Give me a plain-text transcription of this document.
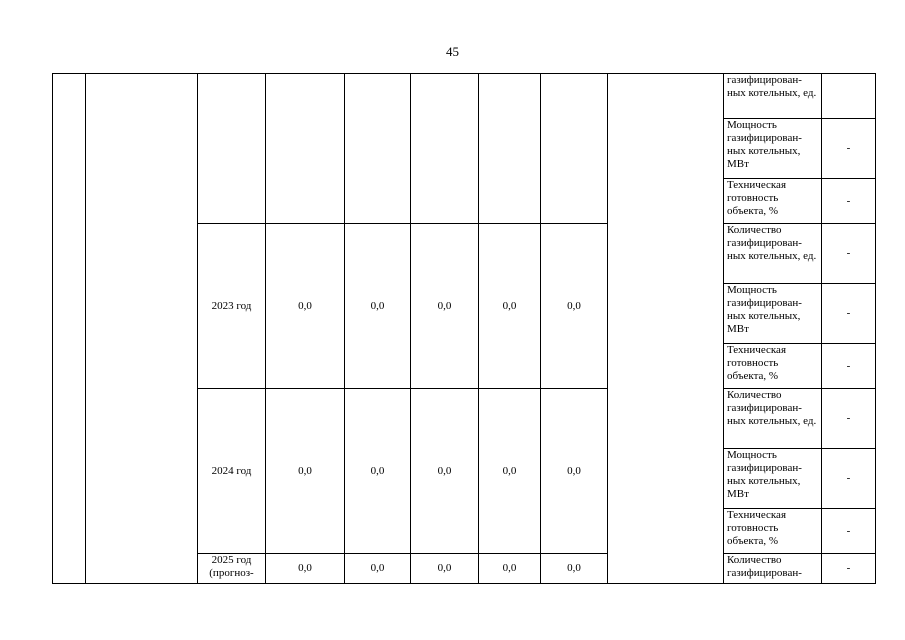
45
									газифицирован-ных котельных, ед.	
									Мощность газифицирован-ных котельных, МВт	-
									Техническая готовность объекта, %	-
		2023 год	0,0	0,0	0,0	0,0	0,0		Количество газифицирован-ных котельных, ед.	-
									Мощность газифицирован-ных котельных, МВт	-
									Техническая готовность объекта, %	-
		2024 год	0,0	0,0	0,0	0,0	0,0		Количество газифицирован-ных котельных, ед.	-
									Мощность газифицирован-ных котельных, МВт	-
									Техническая готовность объекта, %	-
		2025 год (прогноз-	0,0	0,0	0,0	0,0	0,0		Количество газифицирован-	-
